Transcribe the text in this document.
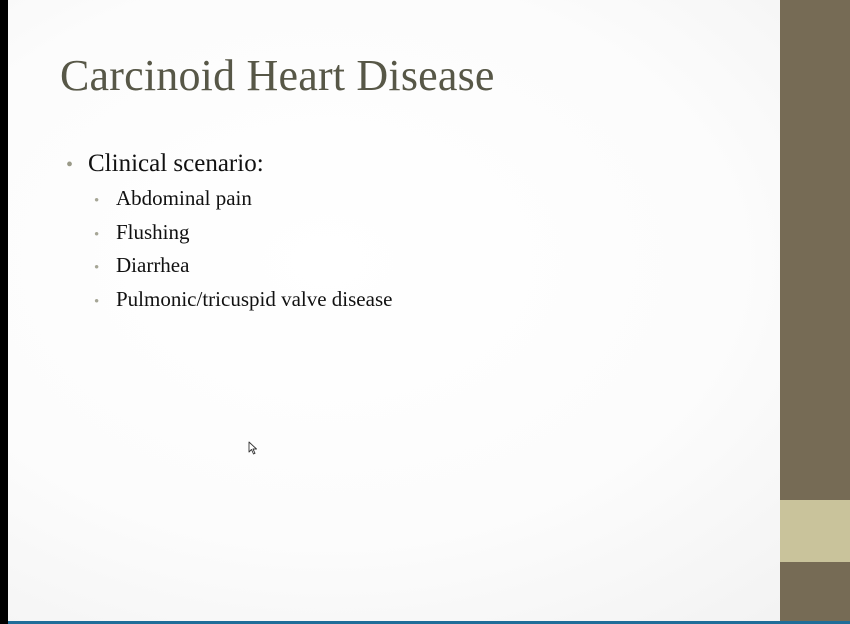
Carcinoid Heart Disease
• Clinical scenario:
• Abdominal pain
• Flushing
• Diarrhea
• Pulmonic/tricuspid valve disease
